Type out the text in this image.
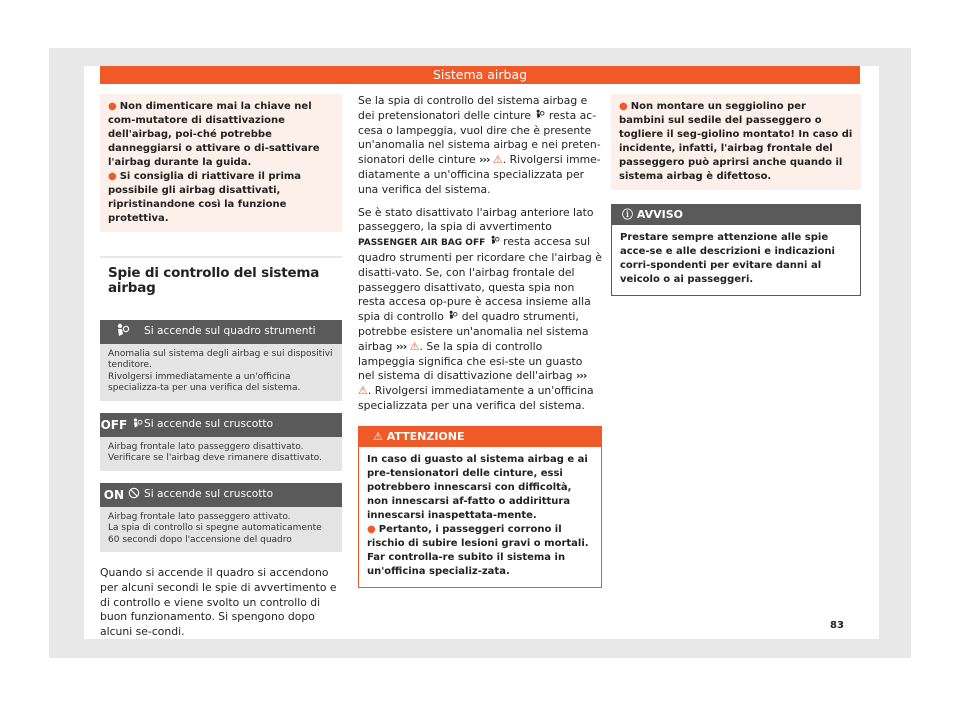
Sistema airbag

● Non dimenticare mai la chiave nel com-mutatore di disattivazione dell'airbag, poi-ché potrebbe danneggiarsi o attivare o di-sattivare l'airbag durante la guida.

● Si consiglia di riattivare il prima possibile gli airbag disattivati, ripristinandone così la funzione protettiva.

Spie di controllo del sistema airbag
Si accende sul quadro strumenti
Anomalia sul sistema degli airbag e sui dispositivi tenditore.
Rivolgersi immediatamente a un'officina specializza-ta per una verifica del sistema.
OFF	Si accende sul cruscotto
Airbag frontale lato passeggero disattivato.
Verificare se l'airbag deve rimanere disattivato.
ON	Si accende sul cruscotto
Airbag frontale lato passeggero attivato.
La spia di controllo si spegne automaticamente 60 secondi dopo l'accensione del quadro

Quando si accende il quadro si accendono per alcuni secondi le spie di avvertimento e di controllo e viene svolto un controllo di buon funzionamento. Si spengono dopo alcuni se-condi.

Se la spia di controllo del sistema airbag e dei pretensionatori delle cinture resta ac-cesa o lampeggia, vuol dire che è presente un'anomalia nel sistema airbag e nei preten-sionatori delle cinture ››› ⚠. Rivolgersi imme-diatamente a un'officina specializzata per una verifica del sistema.

Se è stato disattivato l'airbag anteriore lato passeggero, la spia di avvertimento PASSENGER AIR BAG OFF resta accesa sul quadro strumenti per ricordare che l'airbag è disatti-vato. Se, con l'airbag frontale del passeggero disattivato, questa spia non resta accesa op-pure è accesa insieme alla spia di controllo del quadro strumenti, potrebbe esistere un'anomalia nel sistema airbag ››› ⚠. Se la spia di controllo lampeggia significa che esi-ste un guasto nel sistema di disattivazione dell'airbag ››› ⚠. Rivolgersi immediatamente a un'officina specializzata per una verifica del sistema.

⚠ ATTENZIONE

In caso di guasto al sistema airbag e ai pre-tensionatori delle cinture, essi potrebbero innescarsi con difficoltà, non innescarsi af-fatto o addirittura innescarsi inaspettata-mente.

● Pertanto, i passeggeri corrono il rischio di subire lesioni gravi o mortali. Far controlla-re subito il sistema in un'officina specializ-zata.

● Non montare un seggiolino per bambini sul sedile del passeggero o togliere il seg-giolino montato! In caso di incidente, infatti, l'airbag frontale del passeggero può aprirsi anche quando il sistema airbag è difettoso.

ⓘ AVVISO
Prestare sempre attenzione alle spie acce-se e alle descrizioni e indicazioni corri-spondenti per evitare danni al veicolo o ai passeggeri.
83
